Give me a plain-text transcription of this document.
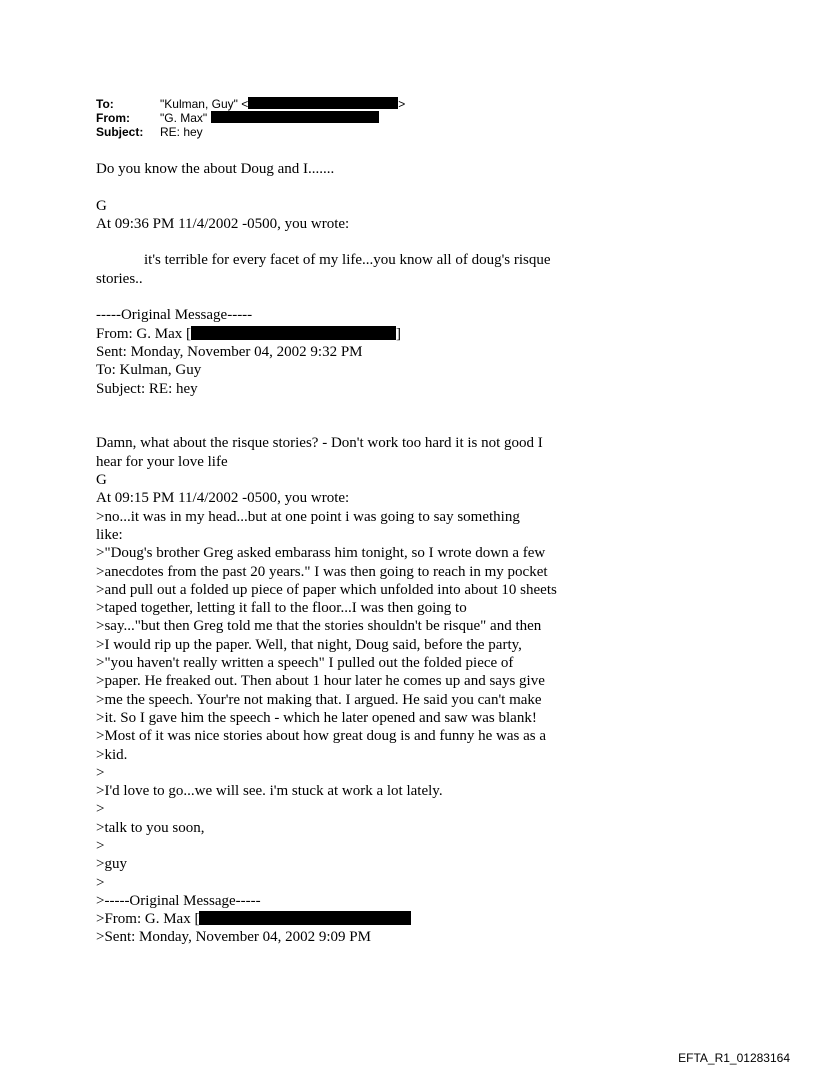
To:	"Kulman, Guy" <	>
From:	"G. Max"
Subject:	RE: hey
Do you know the about Doug and I.......
G
At 09:36 PM 11/4/2002 -0500, you wrote:
it's terrible for every facet of my life...you know all of doug's risque
stories..
-----Original Message-----
From: G. Max [	]
Sent: Monday, November 04, 2002 9:32 PM
To: Kulman, Guy
Subject: RE: hey
Damn, what about the risque stories? - Don't work too hard it is not good I
hear for your love life
G
At 09:15 PM 11/4/2002 -0500, you wrote:
>no...it was in my head...but at one point i was going to say something
like:
>"Doug's brother Greg asked embarass him tonight, so I wrote down a few
>anecdotes from the past 20 years." I was then going to reach in my pocket
>and pull out a folded up piece of paper which unfolded into about 10 sheets
>taped together, letting it fall to the floor...I was then going to
>say..."but then Greg told me that the stories shouldn't be risque" and then
>I would rip up the paper. Well, that night, Doug said, before the party,
>"you haven't really written a speech" I pulled out the folded piece of
>paper. He freaked out. Then about 1 hour later he comes up and says give
>me the speech. Your're not making that. I argued. He said you can't make
>it. So I gave him the speech - which he later opened and saw was blank!
>Most of it was nice stories about how great doug is and funny he was as a
>kid.
>
>I'd love to go...we will see. i'm stuck at work a lot lately.
>
>talk to you soon,
>
>guy
>
>-----Original Message-----
>From: G. Max [
>Sent: Monday, November 04, 2002 9:09 PM
EFTA_R1_01283164
